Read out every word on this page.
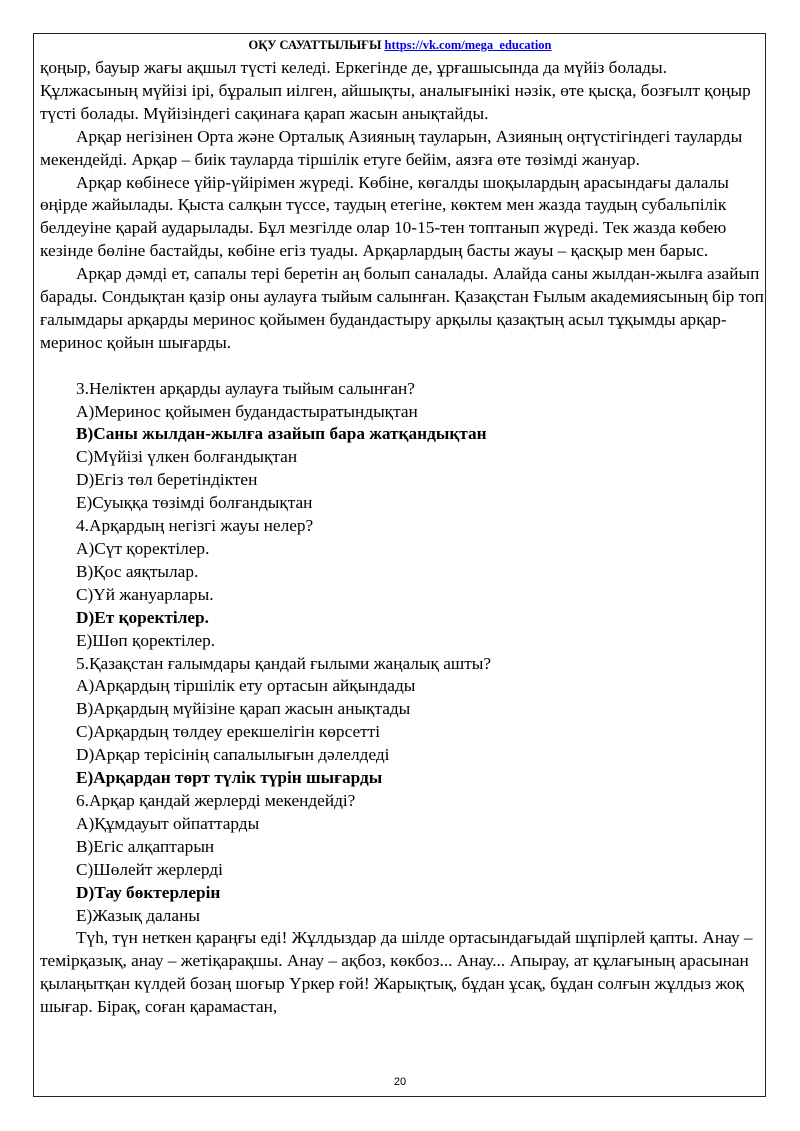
ОҚУ САУАТТЫЛЫҒЫ https://vk.com/mega_education

қоңыр, бауыр жағы ақшыл түсті келеді. Еркегінде де, ұрғашысында да мүйіз болады. Құлжасының мүйізі ірі, бұралып иілген, айшықты, аналығынікі нәзік, өте қысқа, бозғылт қоңыр түсті болады. Мүйізіндегі сақинаға қарап жасын анықтайды.

Арқар негізінен Орта және Орталық Азияның тауларын, Азияның оңтүстігіндегі тауларды мекендейді. Арқар – биік тауларда тіршілік етуге бейім, аязға өте төзімді жануар.

Арқар көбінесе үйір-үйірімен жүреді. Көбіне, көгалды шоқылардың арасындағы далалы өңірде жайылады. Қыста салқын түссе, таудың етегіне, көктем мен жазда таудың субальпілік белдеуіне қарай аударылады. Бұл мезгілде олар 10-15-тен топтанып жүреді. Тек жазда көбею кезінде бөліне бастайды, көбіне егіз туады. Арқарлардың басты жауы – қасқыр мен барыс.

Арқар дәмді ет, сапалы тері беретін аң болып саналады. Алайда саны жылдан-жылға азайып барады. Сондықтан қазір оны аулауға тыйым салынған. Қазақстан Ғылым академиясының бір топ ғалымдары арқарды меринос қойымен будандастыру арқылы қазақтың асыл тұқымды арқар-меринос қойын шығарды.

3.Неліктен арқарды аулауға тыйым салынған?

А)Меринос қойымен будандастыратындықтан

В)Саны жылдан-жылға азайып бара жатқандықтан

С)Мүйізі үлкен болғандықтан

D)Егіз төл беретіндіктен

Е)Суыққа төзімді болғандықтан

4.Арқардың негізгі жауы нелер?

А)Сүт қоректілер.

В)Қос аяқтылар.

С)Үй жануарлары.

D)Ет қоректілер.

Е)Шөп қоректілер.

5.Қазақстан ғалымдары қандай ғылыми жаңалық ашты?

А)Арқардың тіршілік ету ортасын айқындады

В)Арқардың мүйізіне қарап жасын анықтады

С)Арқардың төлдеу ерекшелігін көрсетті

D)Арқар терісінің сапалылығын дәлелдеді

Е)Арқардан төрт түлік түрін шығарды

6.Арқар қандай жерлерді мекендейді?

А)Құмдауыт ойпаттарды

В)Егіс алқаптарын

С)Шөлейт жерлерді

D)Тау бөктерлерін

Е)Жазық даланы

Түһ, түн неткен қараңғы еді! Жұлдыздар да шілде ортасындағыдай шұпірлей қапты. Анау – темірқазық, анау – жетіқарақшы. Анау – ақбоз, көкбоз... Анау... Апырау, ат құлағының арасынан қылаңытқан күлдей бозаң шоғыр Үркер ғой! Жарықтық, бұдан ұсақ, бұдан солғын жұлдыз жоқ шығар. Бірақ, соған қарамастан,

20
